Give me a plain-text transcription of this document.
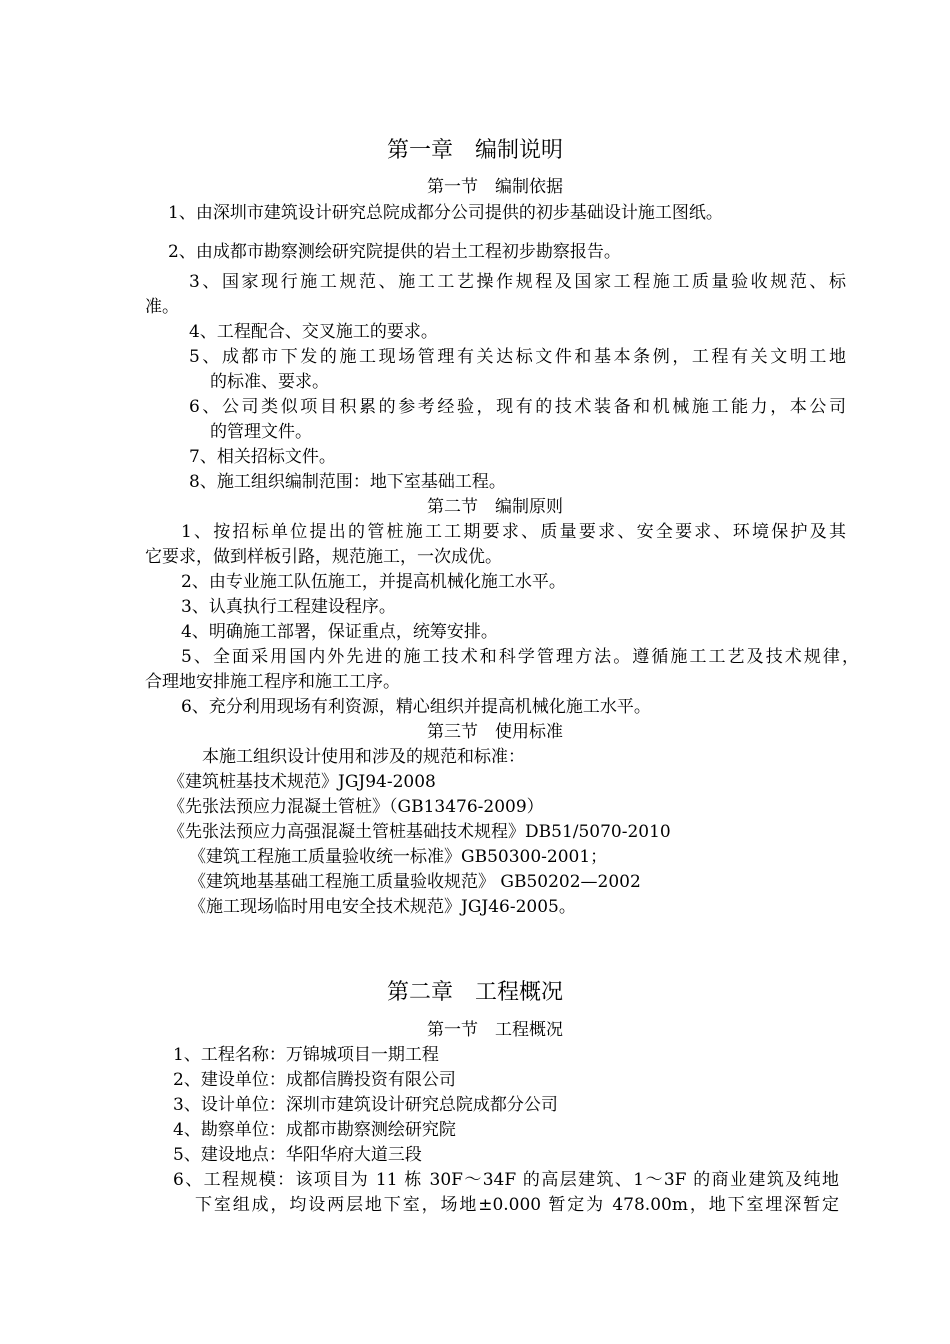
第一章　编制说明
第一节　编制依据
1、由深圳市建筑设计研究总院成都分公司提供的初步基础设计施工图纸。
2、由成都市勘察测绘研究院提供的岩土工程初步勘察报告。
3、国家现行施工规范、施工工艺操作规程及国家工程施工质量验收规范、标
准。
4、工程配合、交叉施工的要求。
5、成都市下发的施工现场管理有关达标文件和基本条例，工程有关文明工地
的标准、要求。
6、公司类似项目积累的参考经验，现有的技术装备和机械施工能力，本公司
的管理文件。
7、相关招标文件。
8、施工组织编制范围：地下室基础工程。
第二节　编制原则
1、按招标单位提出的管桩施工工期要求、质量要求、安全要求、环境保护及其
它要求，做到样板引路，规范施工，一次成优。
2、由专业施工队伍施工，并提高机械化施工水平。
3、认真执行工程建设程序。
4、明确施工部署，保证重点，统筹安排。
5、全面采用国内外先进的施工技术和科学管理方法。遵循施工工艺及技术规律，
合理地安排施工程序和施工工序。
6、充分利用现场有利资源，精心组织并提高机械化施工水平。
第三节　使用标准
本施工组织设计使用和涉及的规范和标准：
《建筑桩基技术规范》JGJ94-2008
《先张法预应力混凝土管桩》（GB13476-2009）
《先张法预应力高强混凝土管桩基础技术规程》DB51/5070-2010
《建筑工程施工质量验收统一标准》GB50300-2001；
《建筑地基基础工程施工质量验收规范》 GB50202—2002
《施工现场临时用电安全技术规范》JGJ46-2005。
第二章　工程概况
第一节　工程概况
1、工程名称：万锦城项目一期工程
2、建设单位：成都信腾投资有限公司
3、设计单位：深圳市建筑设计研究总院成都分公司
4、勘察单位：成都市勘察测绘研究院
5、建设地点：华阳华府大道三段
6、工程规模：该项目为 11 栋 30F～34F 的高层建筑、1～3F 的商业建筑及纯地
下室组成，均设两层地下室，场地±0.000 暂定为 478.00m，地下室埋深暂定
